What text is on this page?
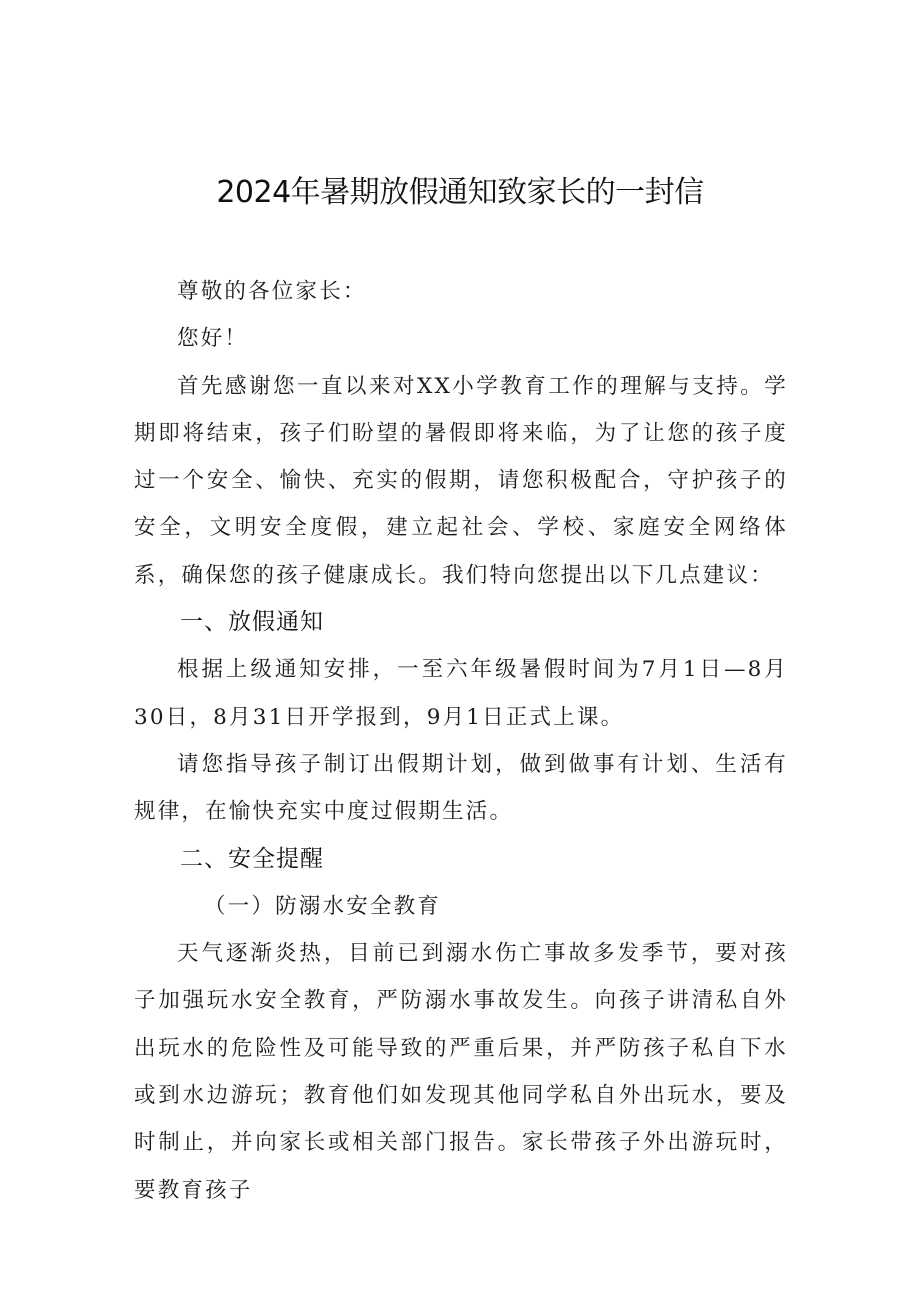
2024年暑期放假通知致家长的一封信

尊敬的各位家长：

您好！

首先感谢您一直以来对XX小学教育工作的理解与支持。学期即将结束，孩子们盼望的暑假即将来临，为了让您的孩子度过一个安全、愉快、充实的假期，请您积极配合，守护孩子的安全，文明安全度假，建立起社会、学校、家庭安全网络体系，确保您的孩子健康成长。我们特向您提出以下几点建议：

一、放假通知

根据上级通知安排，一至六年级暑假时间为7月1日—8月30日，8月31日开学报到，9月1日正式上课。

请您指导孩子制订出假期计划，做到做事有计划、生活有规律，在愉快充实中度过假期生活。

二、安全提醒

（一）防溺水安全教育

天气逐渐炎热，目前已到溺水伤亡事故多发季节，要对孩子加强玩水安全教育，严防溺水事故发生。向孩子讲清私自外出玩水的危险性及可能导致的严重后果，并严防孩子私自下水或到水边游玩；教育他们如发现其他同学私自外出玩水，要及时制止，并向家长或相关部门报告。家长带孩子外出游玩时，要教育孩子
